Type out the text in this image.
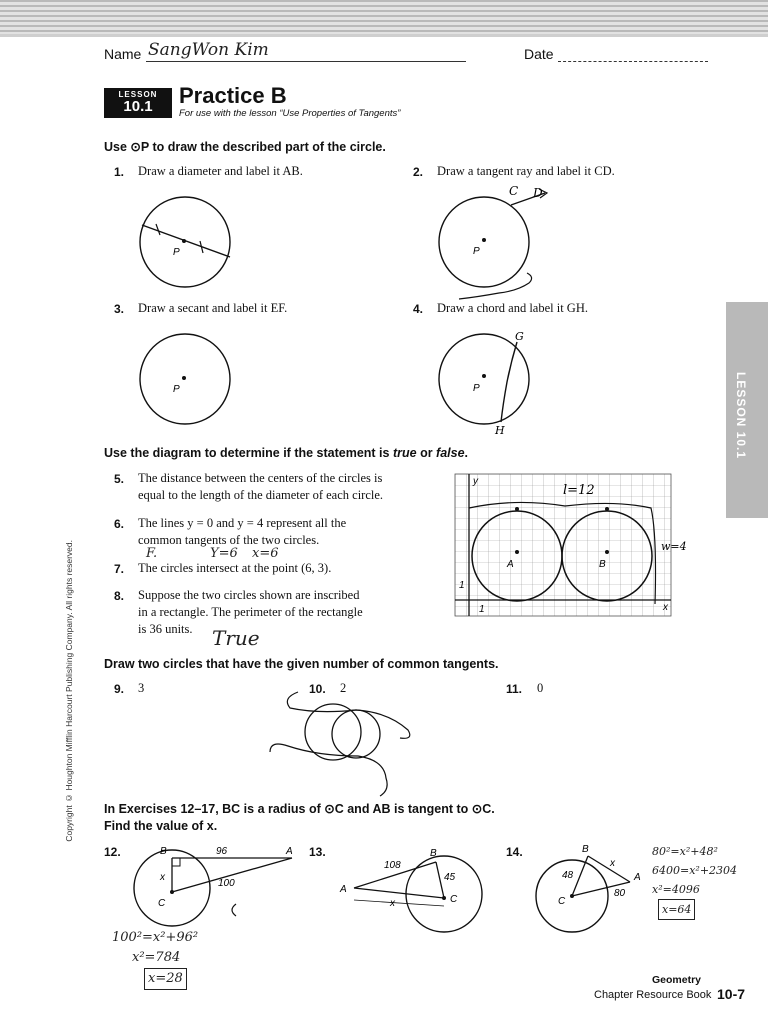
Name SangWon Kim	Date
LESSON
10.1	Practice B
For use with the lesson “Use Properties of Tangents”
LESSON 10.1
Copyright © Houghton Mifflin Harcourt Publishing Company. All rights reserved.
Use ⊙P to draw the described part of the circle.
1. Draw a diameter and label it AB.	2. Draw a tangent ray and label it CD.
3. Draw a secant and label it EF.	4. Draw a chord and label it GH.
P	P
C D
P	P
G
H
Use the diagram to determine if the statement is true or false.
5. The distance between the centers of the circles is
equal to the length of the diameter of each circle.
6. The lines y = 0 and y = 4 represent all the
common tangents of the two circles.
7. The circles intersect at the point (6, 3).
8. Suppose the two circles shown are inscribed
in a rectangle. The perimeter of the rectangle
is 36 units.
F.	Y=6 x=6
True
y
x
1
1
A	B
l=12
w=4
Draw two circles that have the given number of common tangents.
9. 3	10. 2	11. 0
In Exercises 12–17, BC is a radius of ⊙C and AB is tangent to ⊙C.
Find the value of x.
12.	B	A
C
x
96
100
13.	B
A
C
x
108
45
14.	B
A
C
x
48
80
100²=x²+96²
x²=784
x=28
80²=x²+48²
6400=x²+2304
x²=4096
x=64
Geometry
Chapter Resource Book 10-7
